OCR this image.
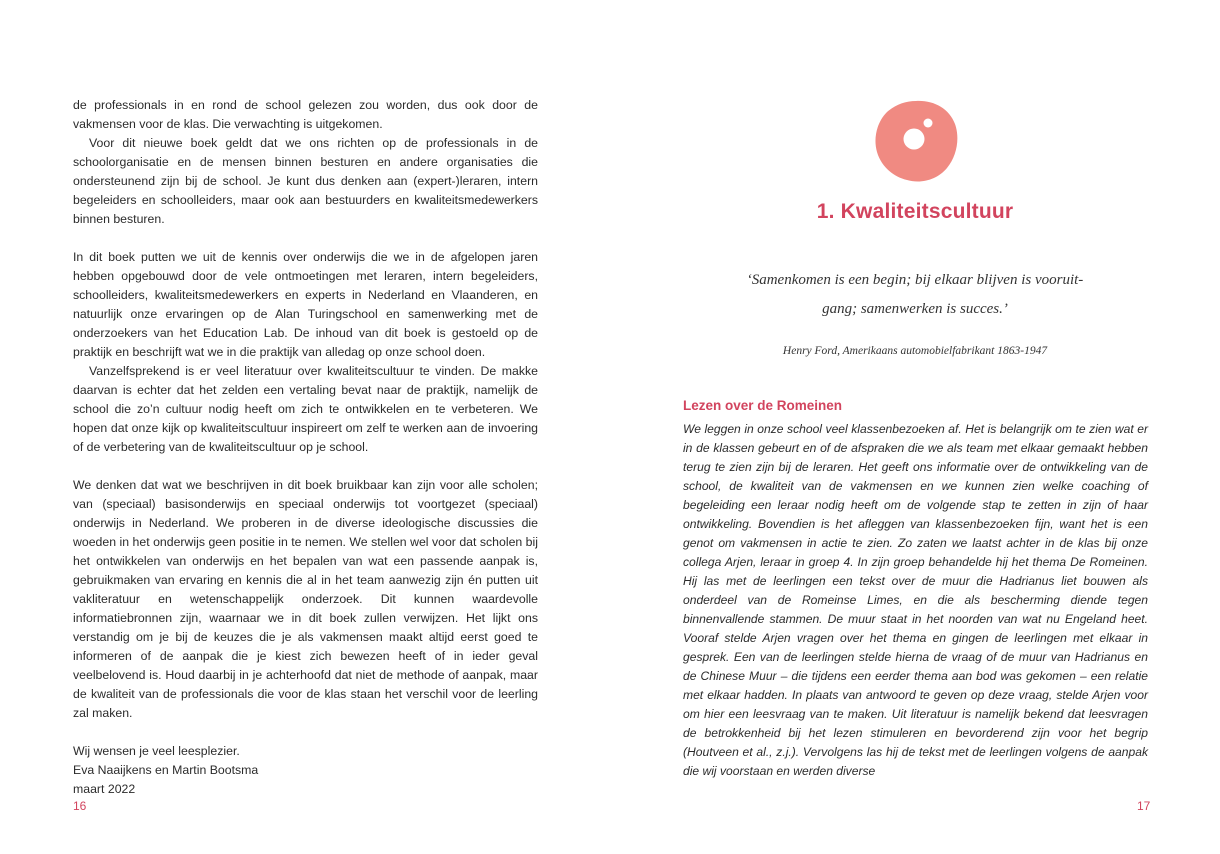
de professionals in en rond de school gelezen zou worden, dus ook door de vakmensen voor de klas. Die verwachting is uitgekomen.

Voor dit nieuwe boek geldt dat we ons richten op de professionals in de schoolorganisatie en de mensen binnen besturen en andere organisaties die ondersteunend zijn bij de school. Je kunt dus denken aan (expert-)leraren, intern begeleiders en schoolleiders, maar ook aan bestuurders en kwaliteitsmedewerkers binnen besturen.

In dit boek putten we uit de kennis over onderwijs die we in de afgelopen jaren hebben opgebouwd door de vele ontmoetingen met leraren, intern begeleiders, schoolleiders, kwaliteitsmedewerkers en experts in Nederland en Vlaanderen, en natuurlijk onze ervaringen op de Alan Turingschool en samenwerking met de onderzoekers van het Education Lab. De inhoud van dit boek is gestoeld op de praktijk en beschrijft wat we in die praktijk van alledag op onze school doen.

Vanzelfsprekend is er veel literatuur over kwaliteitscultuur te vinden. De makke daarvan is echter dat het zelden een vertaling bevat naar de praktijk, namelijk de school die zo’n cultuur nodig heeft om zich te ontwikkelen en te verbeteren. We hopen dat onze kijk op kwaliteitscultuur inspireert om zelf te werken aan de invoering of de verbetering van de kwaliteitscultuur op je school.

We denken dat wat we beschrijven in dit boek bruikbaar kan zijn voor alle scholen; van (speciaal) basisonderwijs en speciaal onderwijs tot voortgezet (speciaal) onderwijs in Nederland. We proberen in de diverse ideologische discussies die woeden in het onderwijs geen positie in te nemen. We stellen wel voor dat scholen bij het ontwikkelen van onderwijs en het bepalen van wat een passende aanpak is, gebruikmaken van ervaring en kennis die al in het team aanwezig zijn én putten uit vakliteratuur en wetenschappelijk onderzoek. Dit kunnen waardevolle informatiebronnen zijn, waarnaar we in dit boek zullen verwijzen. Het lijkt ons verstandig om je bij de keuzes die je als vakmensen maakt altijd eerst goed te informeren of de aanpak die je kiest zich bewezen heeft of in ieder geval veelbelovend is. Houd daarbij in je achterhoofd dat niet de methode of aanpak, maar de kwaliteit van de professionals die voor de klas staan het verschil voor de leerling zal maken.

Wij wensen je veel leesplezier.

Eva Naaijkens en Martin Bootsma

maart 2022

16
1. Kwaliteitscultuur
‘Samenkomen is een begin; bij elkaar blijven is vooruit-
gang; samenwerken is succes.’
Henry Ford, Amerikaans automobielfabrikant 1863-1947
Lezen over de Romeinen

We leggen in onze school veel klassenbezoeken af. Het is belangrijk om te zien wat er in de klassen gebeurt en of de afspraken die we als team met elkaar gemaakt hebben terug te zien zijn bij de leraren. Het geeft ons informatie over de ontwikkeling van de school, de kwaliteit van de vakmensen en we kunnen zien welke coaching of begeleiding een leraar nodig heeft om de volgende stap te zetten in zijn of haar ontwikkeling. Bovendien is het afleggen van klassenbezoeken fijn, want het is een genot om vakmensen in actie te zien. Zo zaten we laatst achter in de klas bij onze collega Arjen, leraar in groep 4. In zijn groep behandelde hij het thema De Romeinen. Hij las met de leerlingen een tekst over de muur die Hadrianus liet bouwen als onderdeel van de Romeinse Limes, en die als bescherming diende tegen binnenvallende stammen. De muur staat in het noorden van wat nu Engeland heet. Vooraf stelde Arjen vragen over het thema en gingen de leerlingen met elkaar in gesprek. Een van de leerlingen stelde hierna de vraag of de muur van Hadrianus en de Chinese Muur – die tijdens een eerder thema aan bod was gekomen – een relatie met elkaar hadden. In plaats van antwoord te geven op deze vraag, stelde Arjen voor om hier een leesvraag van te maken. Uit literatuur is namelijk bekend dat leesvragen de betrokkenheid bij het lezen stimuleren en bevorderend zijn voor het begrip (Houtveen et al., z.j.). Vervolgens las hij de tekst met de leerlingen volgens de aanpak die wij voorstaan en werden diverse

17
